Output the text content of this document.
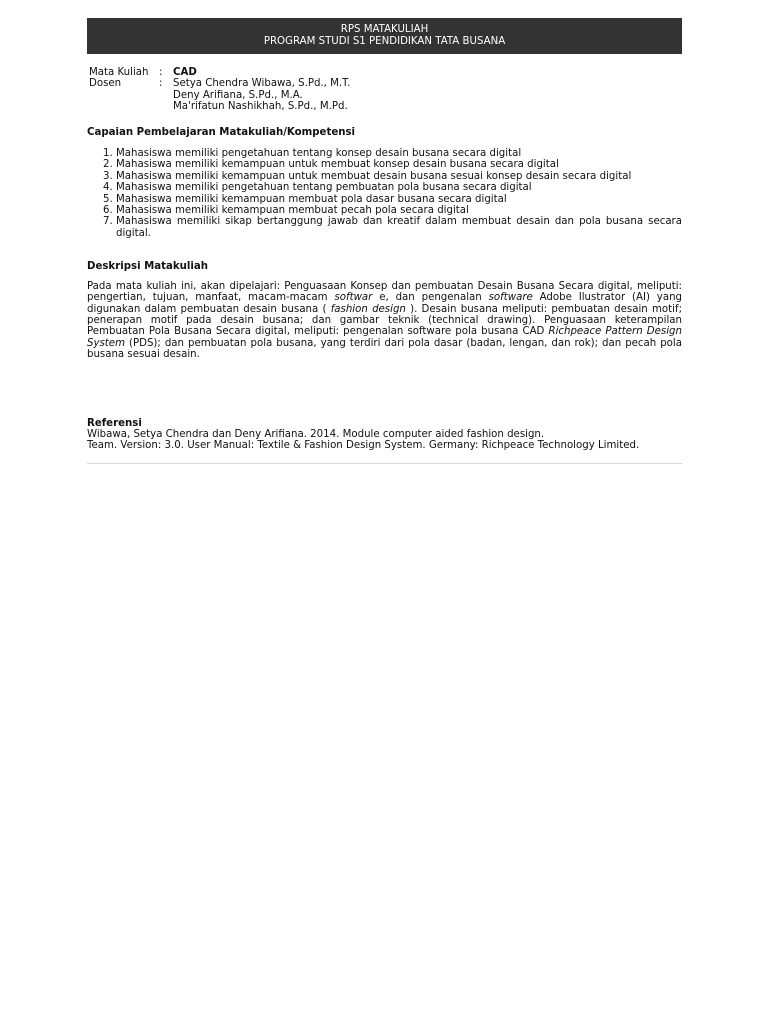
RPS MATAKULIAH
PROGRAM STUDI S1 PENDIDIKAN TATA BUSANA
Mata Kuliah	:	CAD
Dosen	:	Setya Chendra Wibawa, S.Pd., M.T.
Deny Arifiana, S.Pd., M.A.
Ma'rifatun Nashikhah, S.Pd., M.Pd.
Capaian Pembelajaran Matakuliah/Kompetensi
1. Mahasiswa memiliki pengetahuan tentang konsep desain busana secara digital
2. Mahasiswa memiliki kemampuan untuk membuat konsep desain busana secara digital
3. Mahasiswa memiliki kemampuan untuk membuat desain busana sesuai konsep desain secara digital
4. Mahasiswa memiliki pengetahuan tentang pembuatan pola busana secara digital
5. Mahasiswa memiliki kemampuan membuat pola dasar busana secara digital
6. Mahasiswa memiliki kemampuan membuat pecah pola secara digital
7. Mahasiswa memiliki sikap bertanggung jawab dan kreatif dalam membuat desain dan pola busana secara digital.
Deskripsi Matakuliah
Pada mata kuliah ini, akan dipelajari: Penguasaan Konsep dan pembuatan Desain Busana Secara digital, meliputi: pengertian, tujuan, manfaat, macam-macam softwar e, dan pengenalan software Adobe Ilustrator (AI) yang digunakan dalam pembuatan desain busana ( fashion design ). Desain busana meliputi: pembuatan desain motif; penerapan motif pada desain busana; dan gambar teknik (technical drawing). Penguasaan keterampilan Pembuatan Pola Busana Secara digital, meliputi: pengenalan software pola busana CAD Richpeace Pattern Design System (PDS); dan pembuatan pola busana, yang terdiri dari pola dasar (badan, lengan, dan rok); dan pecah pola busana sesuai desain.
Referensi
Wibawa, Setya Chendra dan Deny Arifiana. 2014. Module computer aided fashion design.
Team. Version: 3.0. User Manual: Textile & Fashion Design System. Germany: Richpeace Technology Limited.
